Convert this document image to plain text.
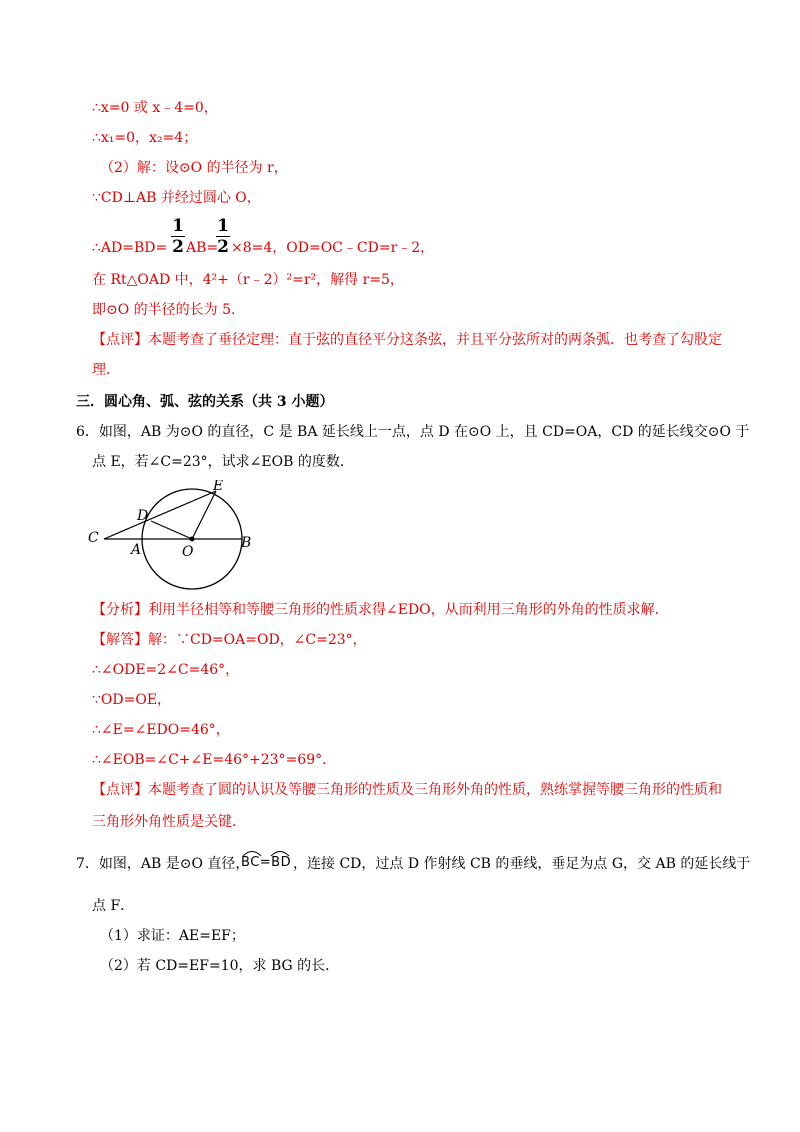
∴x=0 或 x﹣4=0，
∴x₁=0，x₂=4；
（2）解：设⊙O 的半径为 r，
∵CD⊥AB 并经过圆心 O，
∴AD=BD=
1
2 AB=
1
2 ×8=4，OD=OC﹣CD=r﹣2，
在 Rt△OAD 中，4²+（r﹣2）²=r²，解得 r=5，
即⊙O 的半径的长为 5.
【点评】本题考查了垂径定理：直于弦的直径平分这条弦，并且平分弦所对的两条弧．也考查了勾股定
理．
三．圆心角、弧、弦的关系（共 3 小题）
6．如图，AB 为⊙O 的直径，C 是 BA 延长线上一点，点 D 在⊙O 上，且 CD=OA，CD 的延长线交⊙O 于
点 E，若∠C=23°，试求∠EOB 的度数．
C
A	O
B
D
E
【分析】利用半径相等和等腰三角形的性质求得∠EDO，从而利用三角形的外角的性质求解．
【解答】解：∵CD=OA=OD，∠C=23°，
∴∠ODE=2∠C=46°，
∵OD=OE，
∴∠E=∠EDO=46°，
∴∠EOB=∠C+∠E=46°+23°=69°．
【点评】本题考查了圆的认识及等腰三角形的性质及三角形外角的性质，熟练掌握等腰三角形的性质和
三角形外角性质是关键．
7．如图，AB 是⊙O 直径，
BC=BD ，连接 CD，过点 D 作射线 CB 的垂线，垂足为点 G，交 AB 的延长线于
点 F．
（1）求证：AE=EF；
（2）若 CD=EF=10，求 BG 的长．
